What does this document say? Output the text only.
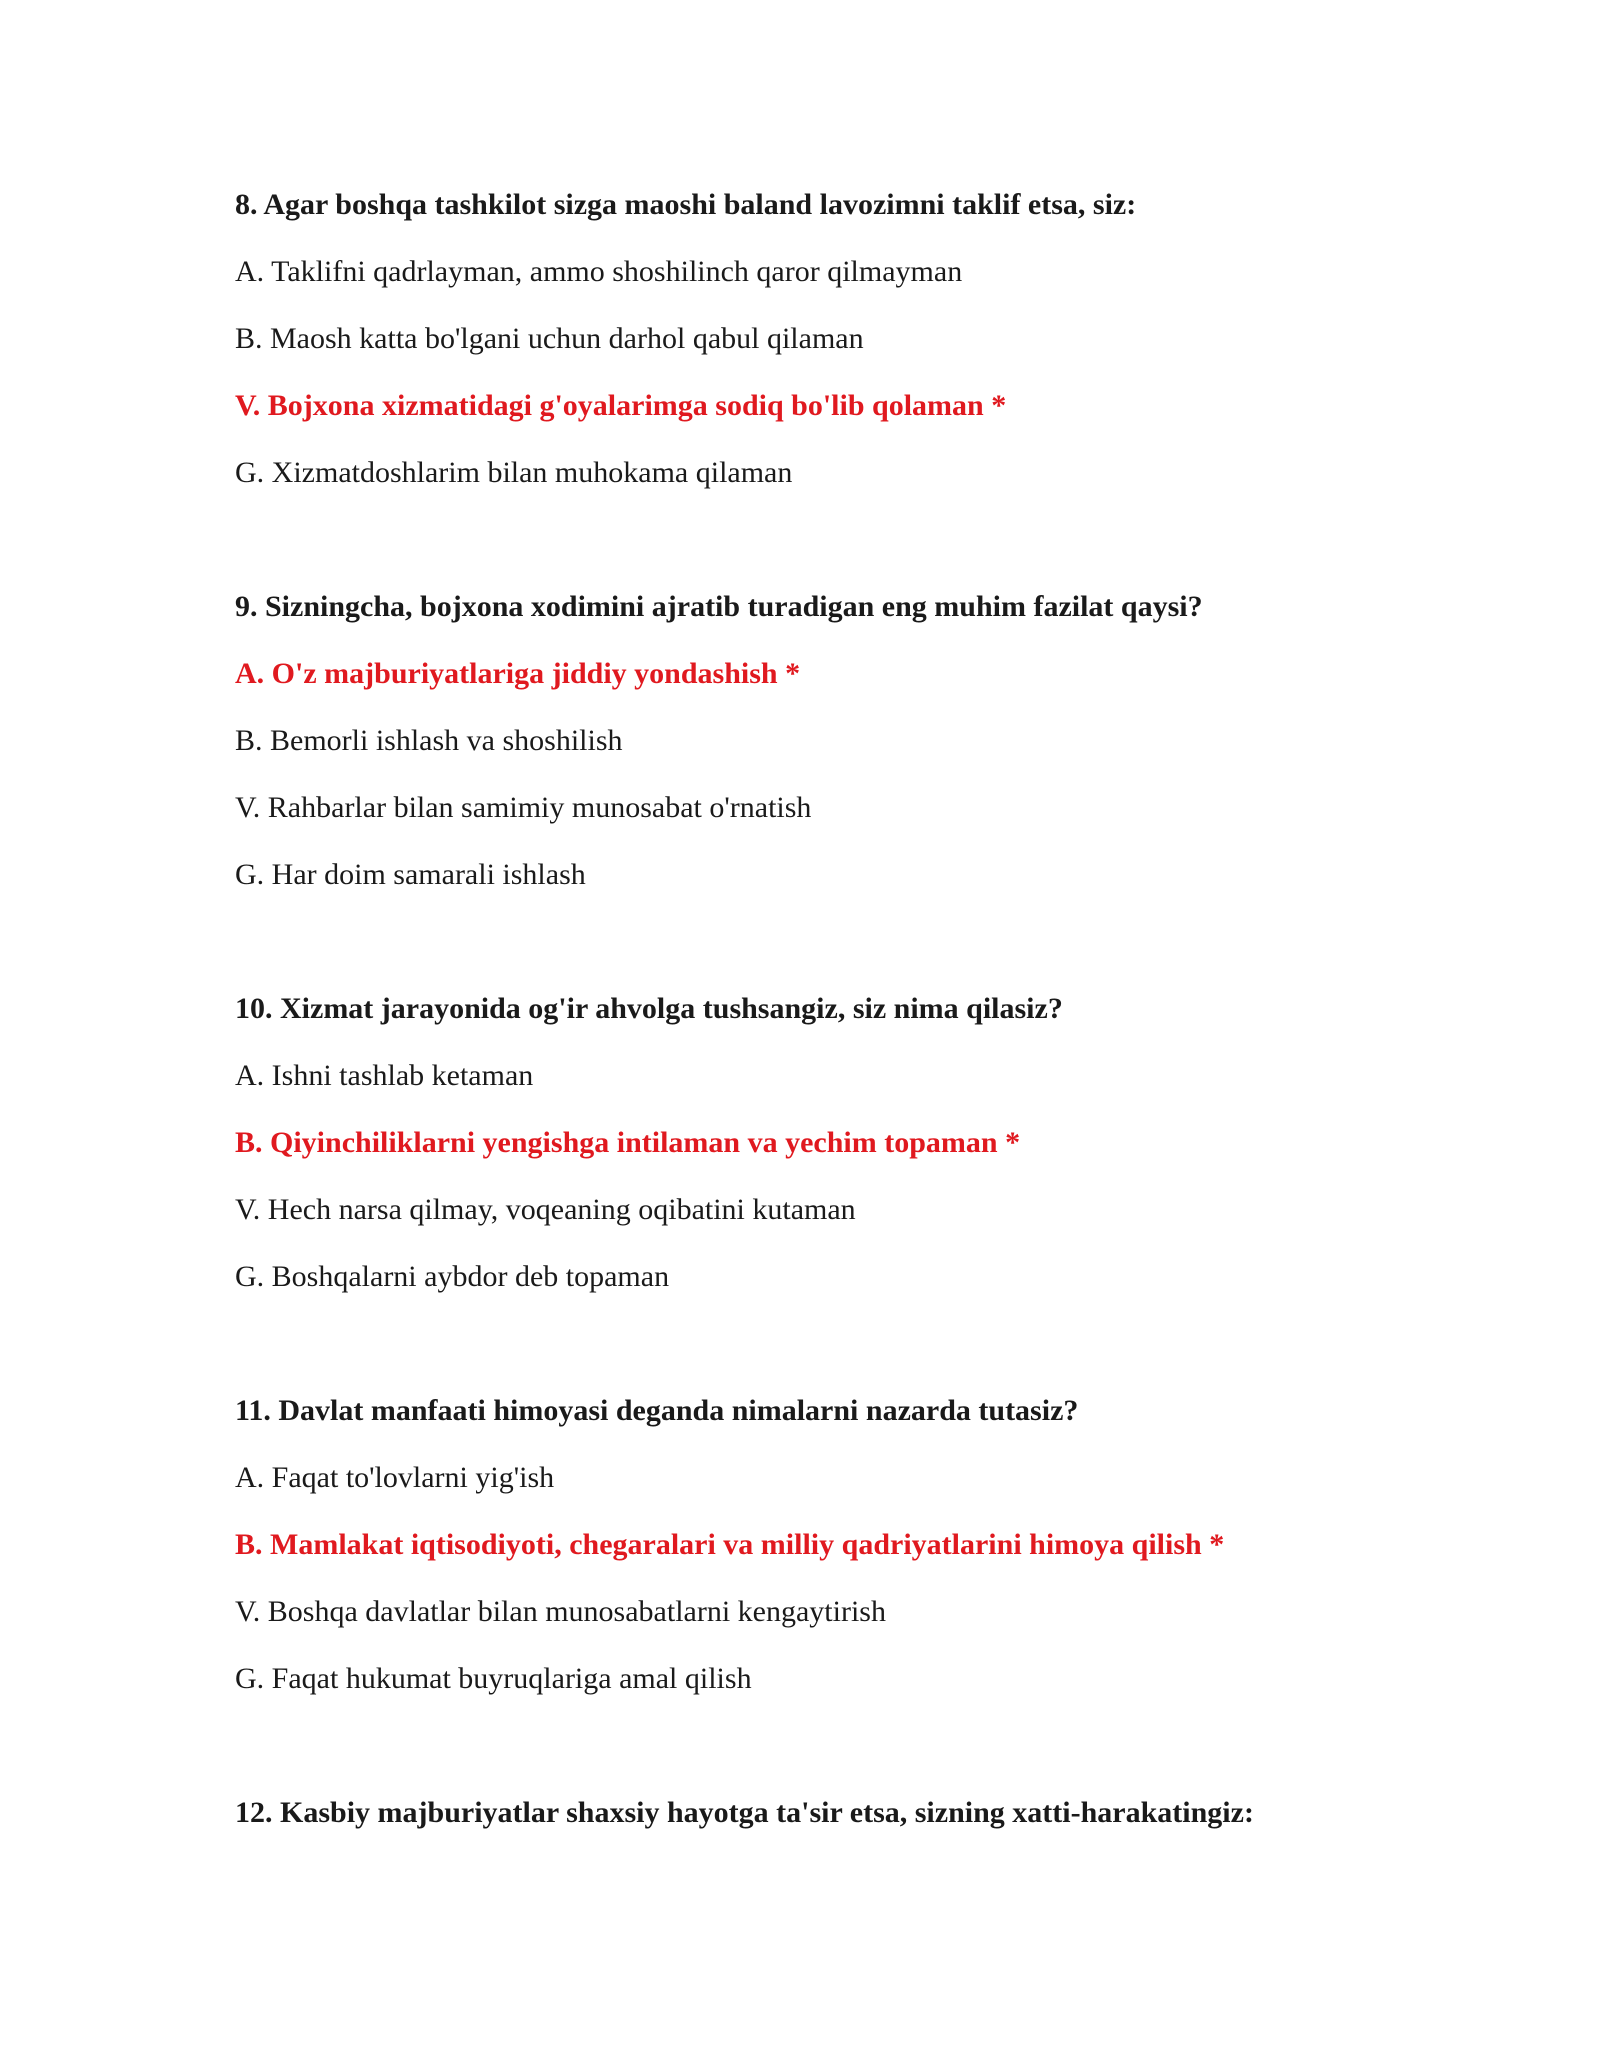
8. Agar boshqa tashkilot sizga maoshi baland lavozimni taklif etsa, siz:

A. Taklifni qadrlayman, ammo shoshilinch qaror qilmayman
B. Maosh katta bo'lgani uchun darhol qabul qilaman
V. Bojxona xizmatidagi g'oyalarimga sodiq bo'lib qolaman *
G. Xizmatdoshlarim bilan muhokama qilaman

9. Sizningcha, bojxona xodimini ajratib turadigan eng muhim fazilat qaysi?

A. O'z majburiyatlariga jiddiy yondashish *
B. Bemorli ishlash va shoshilish
V. Rahbarlar bilan samimiy munosabat o'rnatish
G. Har doim samarali ishlash

10. Xizmat jarayonida og'ir ahvolga tushsangiz, siz nima qilasiz?

A. Ishni tashlab ketaman
B. Qiyinchiliklarni yengishga intilaman va yechim topaman *
V. Hech narsa qilmay, voqeaning oqibatini kutaman
G. Boshqalarni aybdor deb topaman

11. Davlat manfaati himoyasi deganda nimalarni nazarda tutasiz?

A. Faqat to'lovlarni yig'ish
B. Mamlakat iqtisodiyoti, chegaralari va milliy qadriyatlarini himoya qilish *
V. Boshqa davlatlar bilan munosabatlarni kengaytirish
G. Faqat hukumat buyruqlariga amal qilish

12. Kasbiy majburiyatlar shaxsiy hayotga ta'sir etsa, sizning xatti-harakatingiz:
